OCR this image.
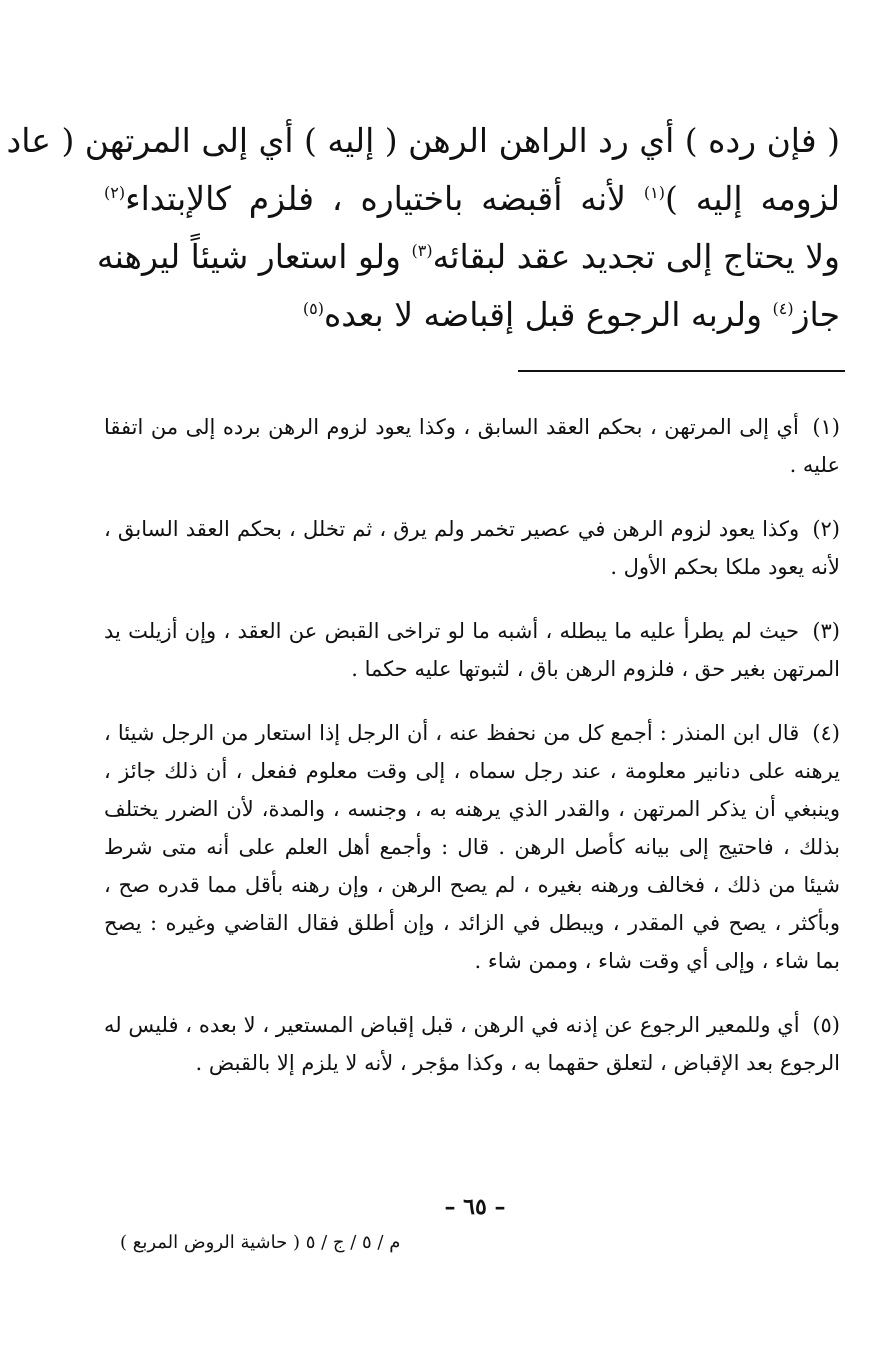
( فإن رده ) أي رد الراهن الرهن ( إليه ) أي إلى المرتهن ( عاد
لزومه إليه )$^{(١)}$ لأنه أقبضه باختياره ، فلزم كالإبتداء$^{(٢)}$
ولا يحتاج إلى تجديد عقد لبقائه$^{(٣)}$ ولو استعار شيئاً ليرهنه
جاز$^{(٤)}$ ولربه الرجوع قبل إقباضه لا بعده$^{(٥)}$

(١) أي إلى المرتهن ، بحكم العقد السابق ، وكذا يعود لزوم الرهن برده إلى من اتفقا عليه .

(٢) وكذا يعود لزوم الرهن في عصير تخمر ولم يرق ، ثم تخلل ، بحكم العقد السابق ، لأنه يعود ملكا بحكم الأول .

(٣) حيث لم يطرأ عليه ما يبطله ، أشبه ما لو تراخى القبض عن العقد ، وإن أزيلت يد المرتهن بغير حق ، فلزوم الرهن باق ، لثبوتها عليه حكما .

(٤) قال ابن المنذر : أجمع كل من نحفظ عنه ، أن الرجل إذا استعار من الرجل شيئا ، يرهنه على دنانير معلومة ، عند رجل سماه ، إلى وقت معلوم ففعل ، أن ذلك جائز ، وينبغي أن يذكر المرتهن ، والقدر الذي يرهنه به ، وجنسه ، والمدة، لأن الضرر يختلف بذلك ، فاحتيج إلى بيانه كأصل الرهن . قال : وأجمع أهل العلم على أنه متى شرط شيئا من ذلك ، فخالف ورهنه بغيره ، لم يصح الرهن ، وإن رهنه بأقل مما قدره صح ، وبأكثر ، يصح في المقدر ، ويبطل في الزائد ، وإن أطلق فقال القاضي وغيره : يصح بما شاء ، وإلى أي وقت شاء ، وممن شاء .

(٥) أي وللمعير الرجوع عن إذنه في الرهن ، قبل إقباض المستعير ، لا بعده ، فليس له الرجوع بعد الإقباض ، لتعلق حقهما به ، وكذا مؤجر ، لأنه لا يلزم إلا بالقبض .

– ٦٥ –
م / ٥ / ج / ٥ ( حاشية الروض المربع )
